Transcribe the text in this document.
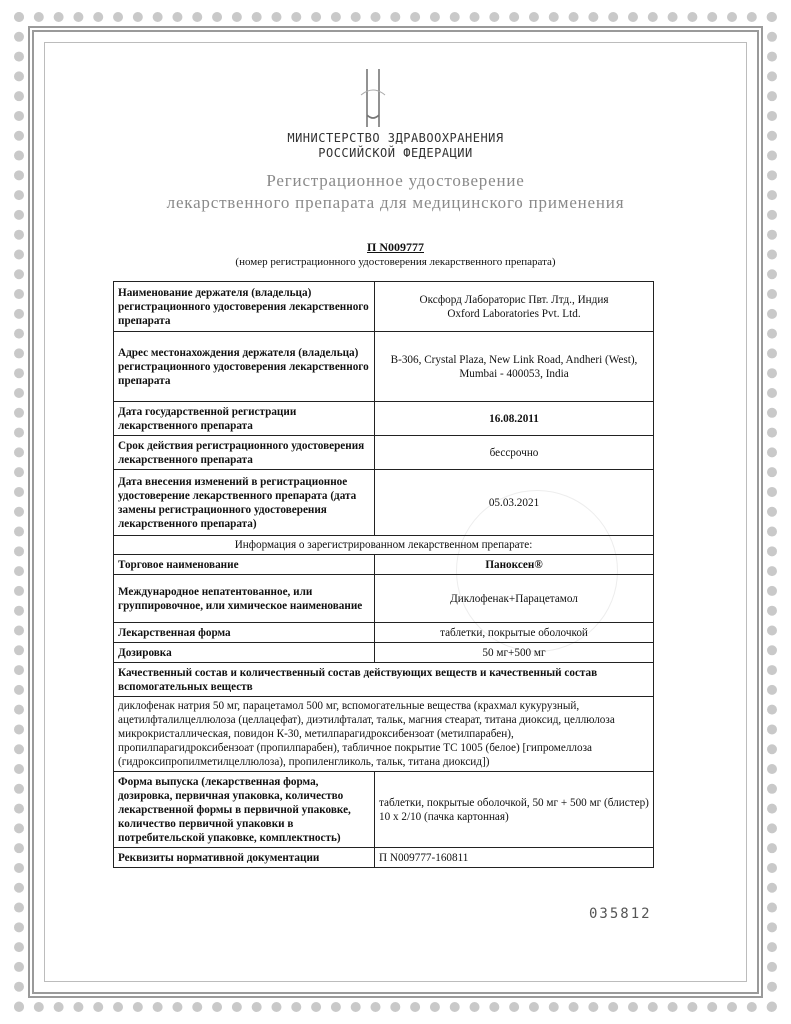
МИНИСТЕРСТВО ЗДРАВООХРАНЕНИЯ
РОССИЙСКОЙ ФЕДЕРАЦИИ
Регистрационное удостоверение
лекарственного препарата для медицинского применения
П N009777
(номер регистрационного удостоверения лекарственного препарата)
Наименование держателя (владельца) регистрационного удостоверения лекарственного препарата	Оксфорд Лабораторис Пвт. Лтд., Индия
Oxford Laboratories Pvt. Ltd.

Адрес местонахождения держателя (владельца) регистрационного удостоверения лекарственного препарата	B-306, Crystal Plaza, New Link Road, Andheri (West),
Mumbai - 400053, India

Дата государственной регистрации лекарственного препарата	16.08.2011
Срок действия регистрационного удостоверения лекарственного препарата	бессрочно
Дата внесения изменений в регистрационное удостоверение лекарственного препарата (дата замены регистрационного удостоверения лекарственного препарата)	05.03.2021
Информация о зарегистрированном лекарственном препарате:	
Торговое наименование	Паноксен®
Международное непатентованное, или группировочное, или химическое наименование	Диклофенак+Парацетамол
Лекарственная форма	таблетки, покрытые оболочкой
Дозировка	50 мг+500 мг
Качественный состав и количественный состав действующих веществ и качественный состав вспомогательных веществ	
диклофенак натрия 50 мг, парацетамол 500 мг, вспомогательные вещества (крахмал кукурузный, ацетилфталилцеллюлоза (целлацефат), диэтилфталат, тальк, магния стеарат, титана диоксид, целлюлоза микрокристаллическая, повидон К-30, метилпарагидроксибензоат (метилпарабен), пропилпарагидроксибензоат (пропилпарабен), табличное покрытие ТС 1005 (белое) [гипромеллоза (гидроксипропилметилцеллюлоза), пропиленгликоль, тальк, титана диоксид])	
Форма выпуска (лекарственная форма, дозировка, первичная упаковка, количество лекарственной формы в первичной упаковке, количество первичной упаковки в потребительской упаковке, комплектность)	таблетки, покрытые оболочкой, 50 мг + 500 мг (блистер) 10 х 2/10 (пачка картонная)
Реквизиты нормативной документации	П N009777-160811
035812
